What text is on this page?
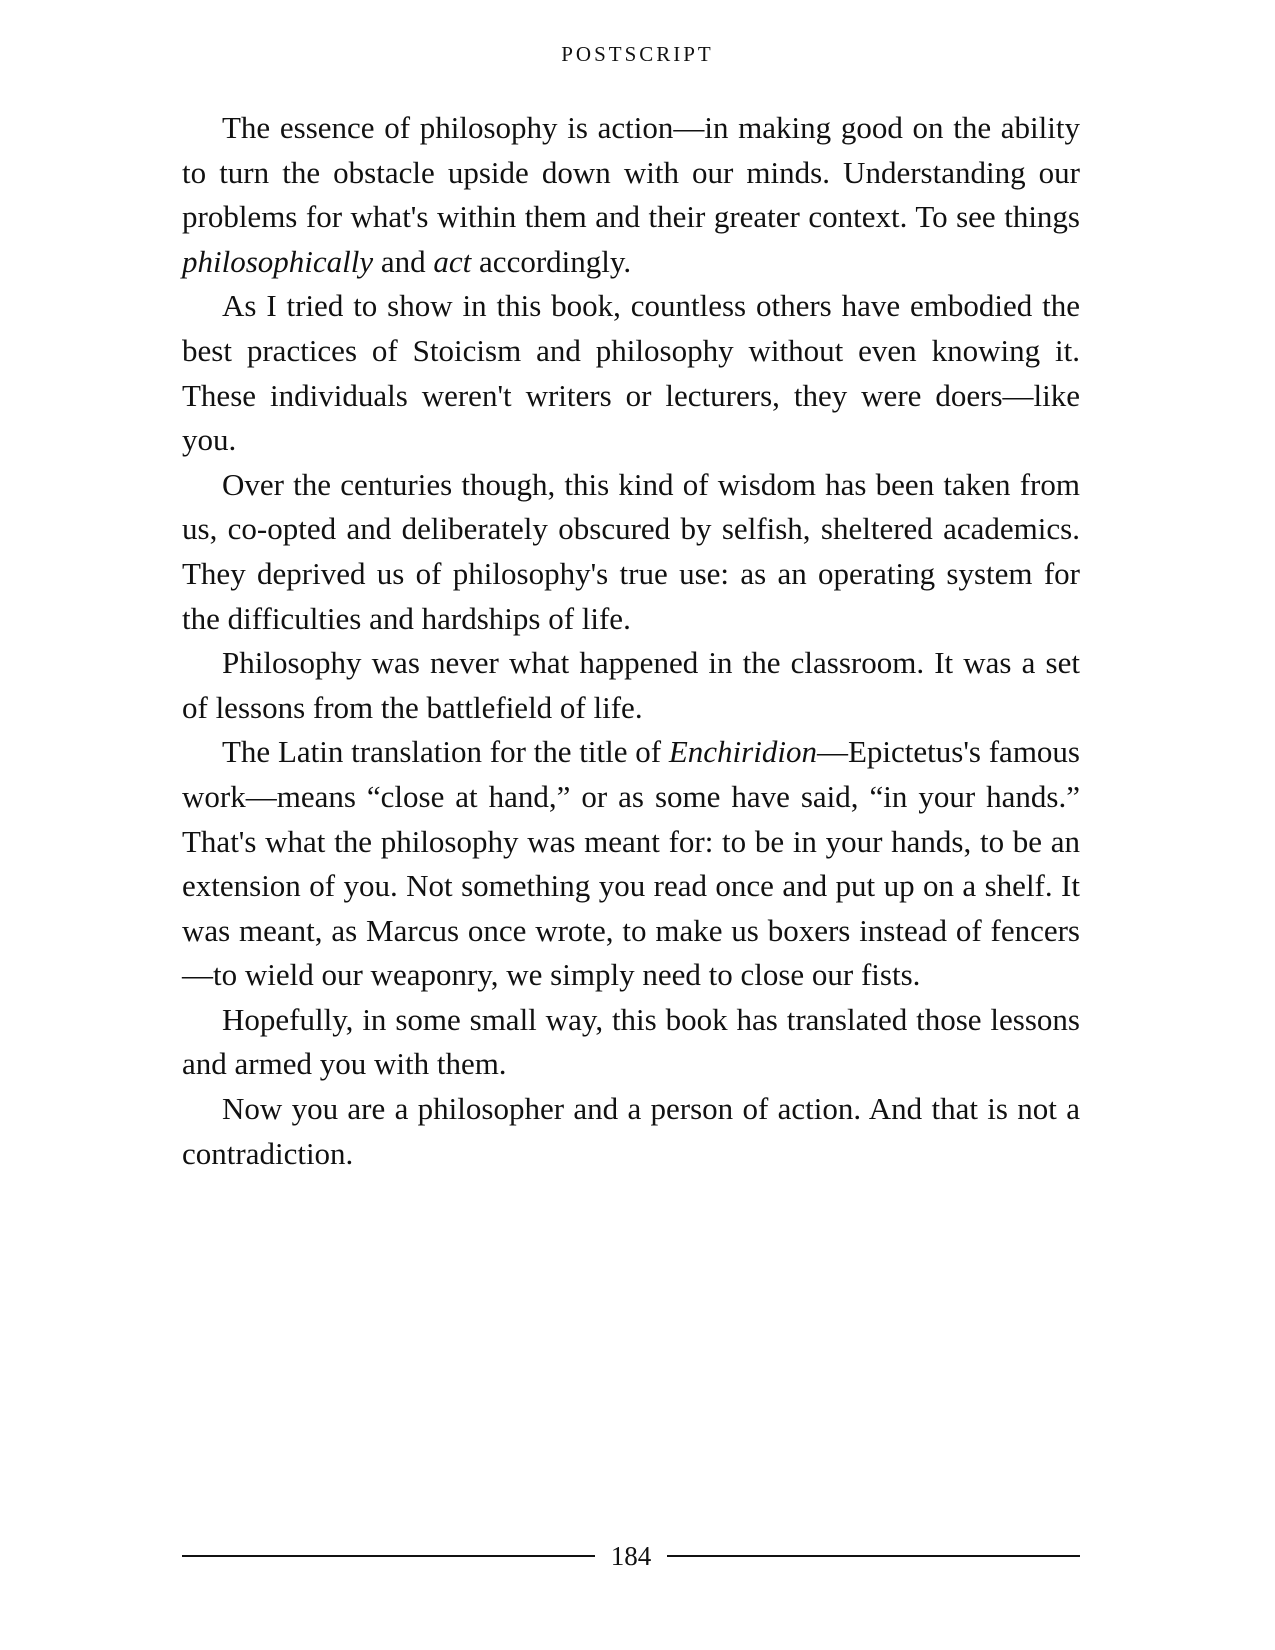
POSTSCRIPT

The essence of philosophy is action—in making good on the ability to turn the obstacle upside down with our minds. Understanding our problems for what's within them and their greater context. To see things philosophically and act accordingly.

As I tried to show in this book, countless others have embodied the best practices of Stoicism and philosophy without even knowing it. These individuals weren't writers or lecturers, they were doers—like you.

Over the centuries though, this kind of wisdom has been taken from us, co-opted and deliberately obscured by selfish, sheltered academics. They deprived us of philosophy's true use: as an operating system for the difficulties and hardships of life.

Philosophy was never what happened in the classroom. It was a set of lessons from the battlefield of life.

The Latin translation for the title of Enchiridion—Epictetus's famous work—means “close at hand,” or as some have said, “in your hands.” That's what the philosophy was meant for: to be in your hands, to be an extension of you. Not something you read once and put up on a shelf. It was meant, as Marcus once wrote, to make us boxers instead of fencers—to wield our weaponry, we simply need to close our fists.

Hopefully, in some small way, this book has translated those lessons and armed you with them.

Now you are a philosopher and a person of action. And that is not a contradiction.

184
